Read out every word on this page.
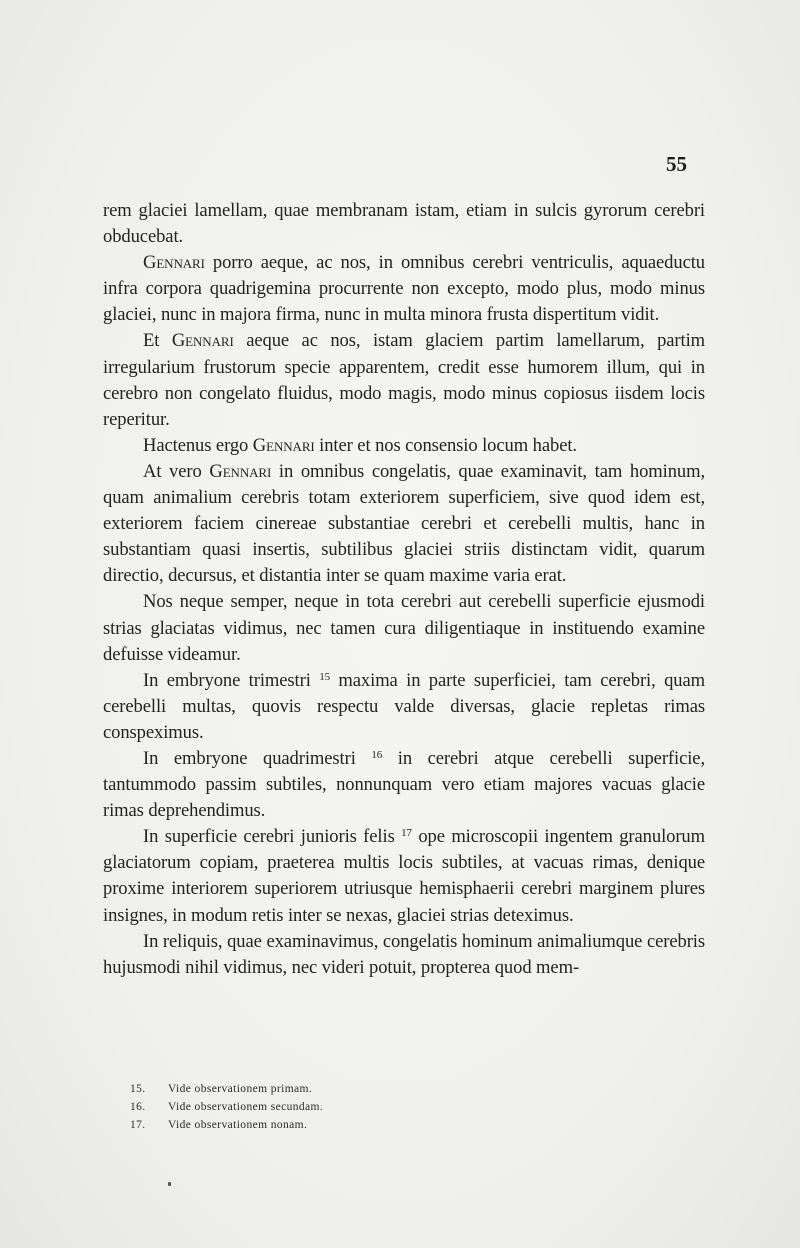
55

rem glaciei lamellam, quae membranam istam, etiam in sulcis gyrorum cerebri obducebat.

Gennari porro aeque, ac nos, in omnibus cerebri ventriculis, aquaeductu infra corpora quadrigemina procurrente non excepto, modo plus, modo minus glaciei, nunc in majora firma, nunc in multa minora frusta dispertitum vidit.

Et Gennari aeque ac nos, istam glaciem partim lamellarum, partim irregularium frustorum specie apparentem, credit esse humorem illum, qui in cerebro non congelato fluidus, modo magis, modo minus copiosus iisdem locis reperitur.

Hactenus ergo Gennari inter et nos consensio locum habet.

At vero Gennari in omnibus congelatis, quae examinavit, tam hominum, quam animalium cerebris totam exteriorem superficiem, sive quod idem est, exteriorem faciem cinereae substantiae cerebri et cerebelli multis, hanc in substantiam quasi insertis, subtilibus glaciei striis distinctam vidit, quarum directio, decursus, et distantia inter se quam maxime varia erat.

Nos neque semper, neque in tota cerebri aut cerebelli superficie ejusmodi strias glaciatas vidimus, nec tamen cura diligentiaque in instituendo examine defuisse videamur.

In embryone trimestri $^{15}$ maxima in parte superficiei, tam cerebri, quam cerebelli multas, quovis respectu valde diversas, glacie repletas rimas conspeximus.

In embryone quadrimestri $^{16}$ in cerebri atque cerebelli superficie, tantummodo passim subtiles, nonnunquam vero etiam majores vacuas glacie rimas deprehendimus.

In superficie cerebri junioris felis $^{17}$ ope microscopii ingentem granulorum glaciatorum copiam, praeterea multis locis subtiles, at vacuas rimas, denique proxime interiorem superiorem utriusque hemisphaerii cerebri marginem plures insignes, in modum retis inter se nexas, glaciei strias deteximus.

In reliquis, quae examinavimus, congelatis hominum animaliumque cerebris hujusmodi nihil vidimus, nec videri potuit, propterea quod mem-

15.	Vide observationem primam.
16.	Vide observationem secundam.
17.	Vide observationem nonam.
